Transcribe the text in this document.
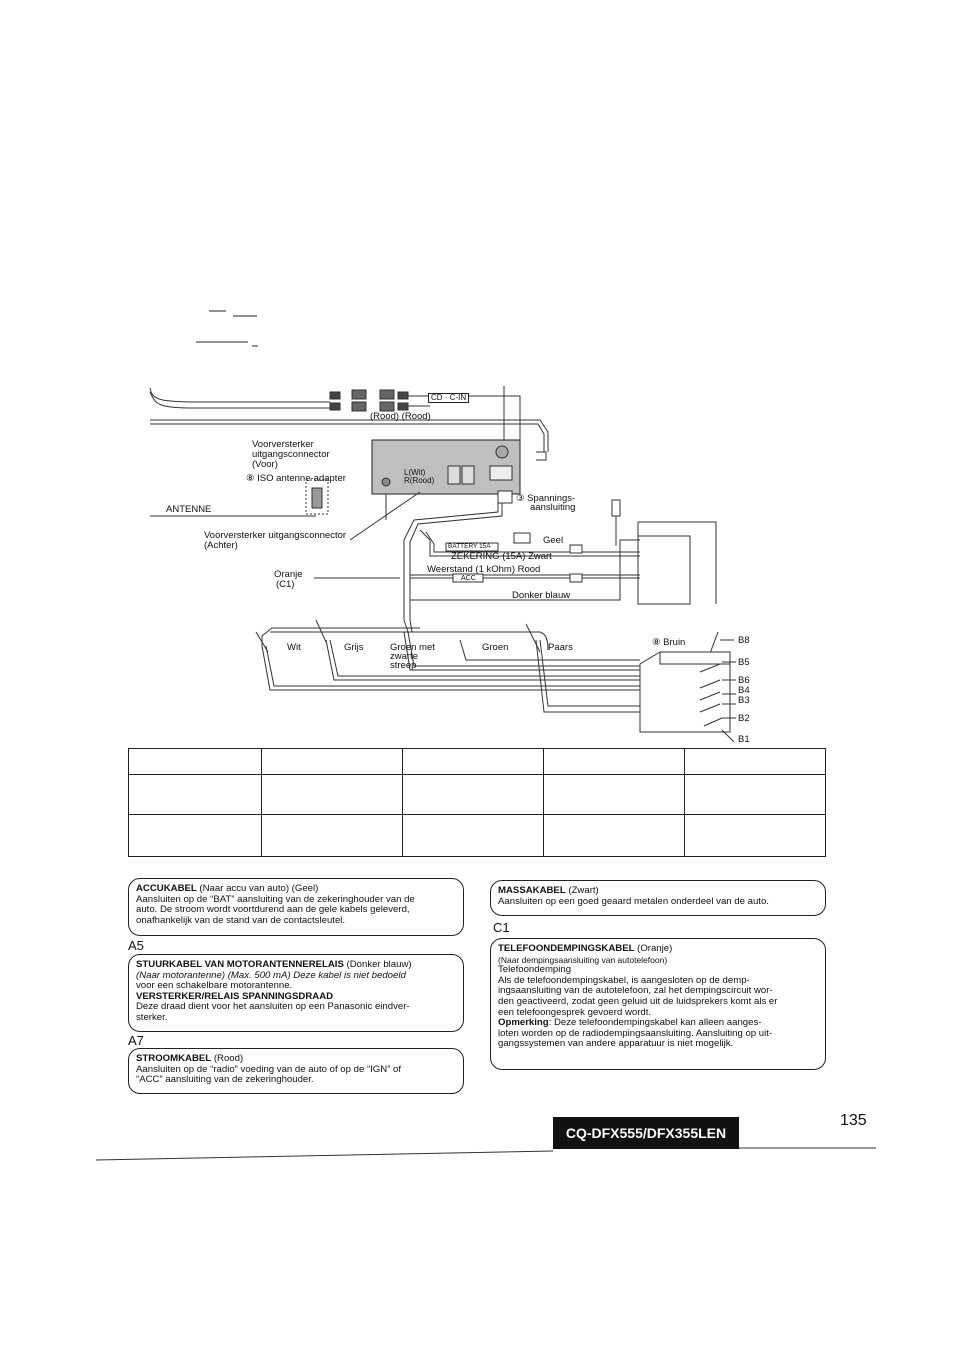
(Rood) (Rood)
CD · C-IN
Voorversterker
uitgangsconnector
(Voor)
L(Wit)
R(Rood)
⑧ ISO antenne-adapter
ANTENNE
③ Spannings-
aansluiting
Voorversterker uitgangsconnector
(Achter)
Oranje
(C1)
BATTERY 15A
Geel
ZEKERING (15A) Zwart
Weerstand (1 kOhm) Rood
ACC
Donker blauw
Wit	Grijs	Groen met
zwarte
streep
Groen	Paars	⑧ Bruin	B8
B5
B6
B4
B3
B2
B1

ACCUKABEL (Naar accu van auto) (Geel)
Aansluiten op de “BAT” aansluiting van de zekeringhouder van de
auto. De stroom wordt voortdurend aan de gele kabels geleverd,
onafhankelijk van de stand van de contactsleutel.
A5
STUURKABEL VAN MOTORANTENNERELAIS (Donker blauw)
(Naar motorantenne) (Max. 500 mA) Deze kabel is niet bedoeld
voor een schakelbare motorantenne.
VERSTERKER/RELAIS SPANNINGSDRAAD
Deze draad dient voor het aansluiten op een Panasonic eindver-
sterker.
A7
STROOMKABEL (Rood)
Aansluiten op de “radio” voeding van de auto of op de “IGN” of
“ACC” aansluiting van de zekeringhouder.
MASSAKABEL (Zwart)
Aansluiten op een goed geaard metalen onderdeel van de auto.
C1
TELEFOONDEMPINGSKABEL (Oranje)
(Naar dempingsaansluiting van autotelefoon)
Telefoondemping
Als de telefoondempingskabel, is aangesloten op de demp-
ingsaansluiting van de autotelefoon, zal het dempingscircuit wor-
den geactiveerd, zodat geen geluid uit de luidsprekers komt als er
een telefoongesprek gevoerd wordt.
Opmerking: Deze telefoondempingskabel kan alleen aanges-
loten worden op de radiodempingsaansluiting. Aansluiting op uit-
gangssystemen van andere apparatuur is niet mogelijk.
CQ-DFX555/DFX355LEN
135
